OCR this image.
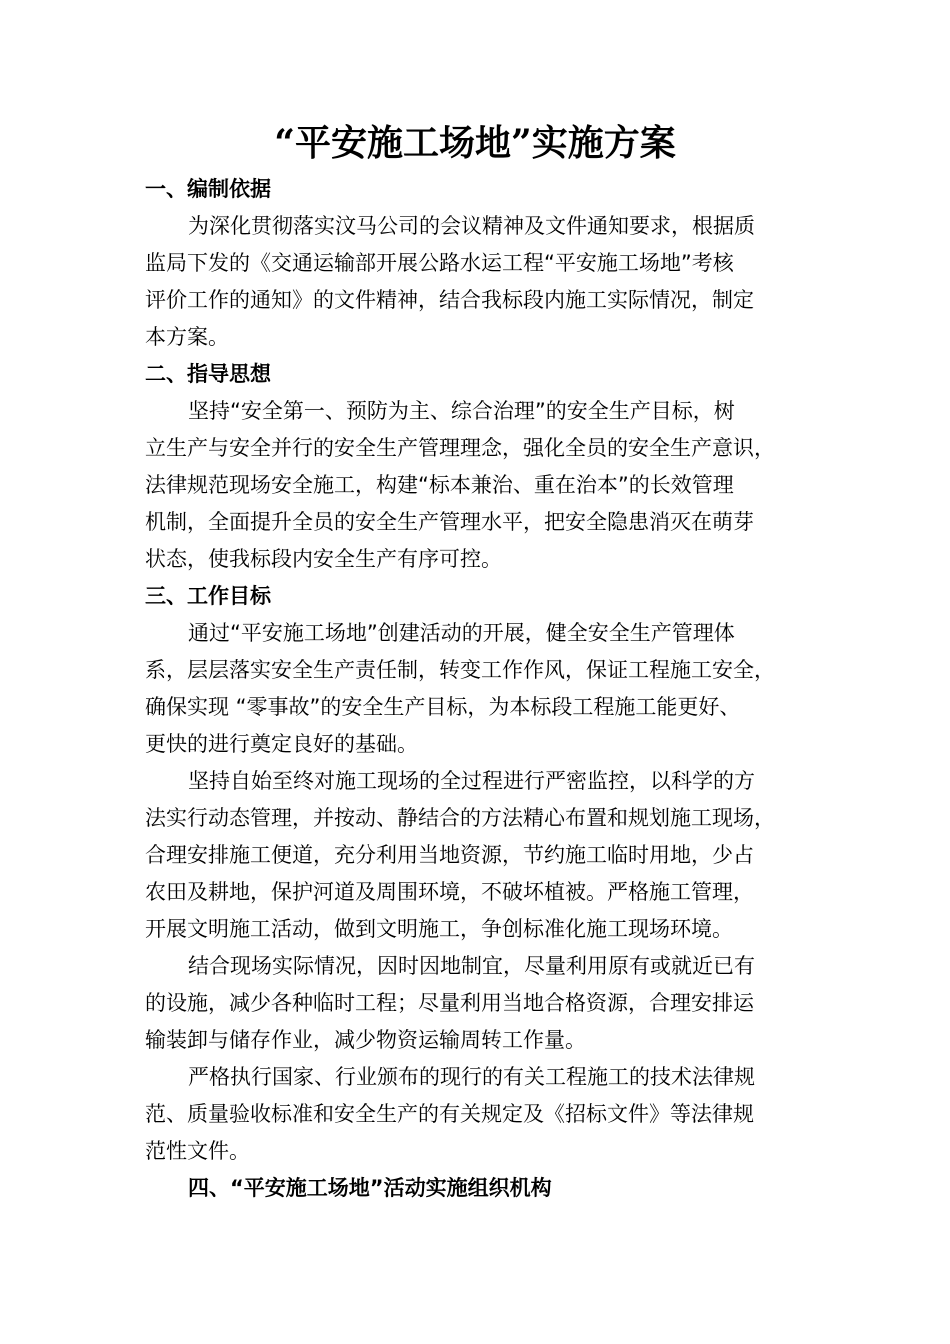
“平安施工场地”实施方案
一、编制依据
为深化贯彻落实汶马公司的会议精神及文件通知要求，根据质
监局下发的《交通运输部开展公路水运工程“平安施工场地”考核
评价工作的通知》的文件精神，结合我标段内施工实际情况，制定
本方案。
二、指导思想
坚持“安全第一、预防为主、综合治理”的安全生产目标，树
立生产与安全并行的安全生产管理理念，强化全员的安全生产意识，
法律规范现场安全施工，构建“标本兼治、重在治本”的长效管理
机制，全面提升全员的安全生产管理水平，把安全隐患消灭在萌芽
状态，使我标段内安全生产有序可控。
三、工作目标
通过“平安施工场地”创建活动的开展，健全安全生产管理体
系，层层落实安全生产责任制，转变工作作风，保证工程施工安全，
确保实现 “零事故”的安全生产目标，为本标段工程施工能更好、
更快的进行奠定良好的基础。
坚持自始至终对施工现场的全过程进行严密监控，以科学的方
法实行动态管理，并按动、静结合的方法精心布置和规划施工现场，
合理安排施工便道，充分利用当地资源，节约施工临时用地，少占
农田及耕地，保护河道及周围环境，不破坏植被。严格施工管理，
开展文明施工活动，做到文明施工，争创标准化施工现场环境。
结合现场实际情况，因时因地制宜，尽量利用原有或就近已有
的设施，减少各种临时工程；尽量利用当地合格资源，合理安排运
输装卸与储存作业，减少物资运输周转工作量。
严格执行国家、行业颁布的现行的有关工程施工的技术法律规
范、质量验收标准和安全生产的有关规定及《招标文件》等法律规
范性文件。
四、“平安施工场地”活动实施组织机构
